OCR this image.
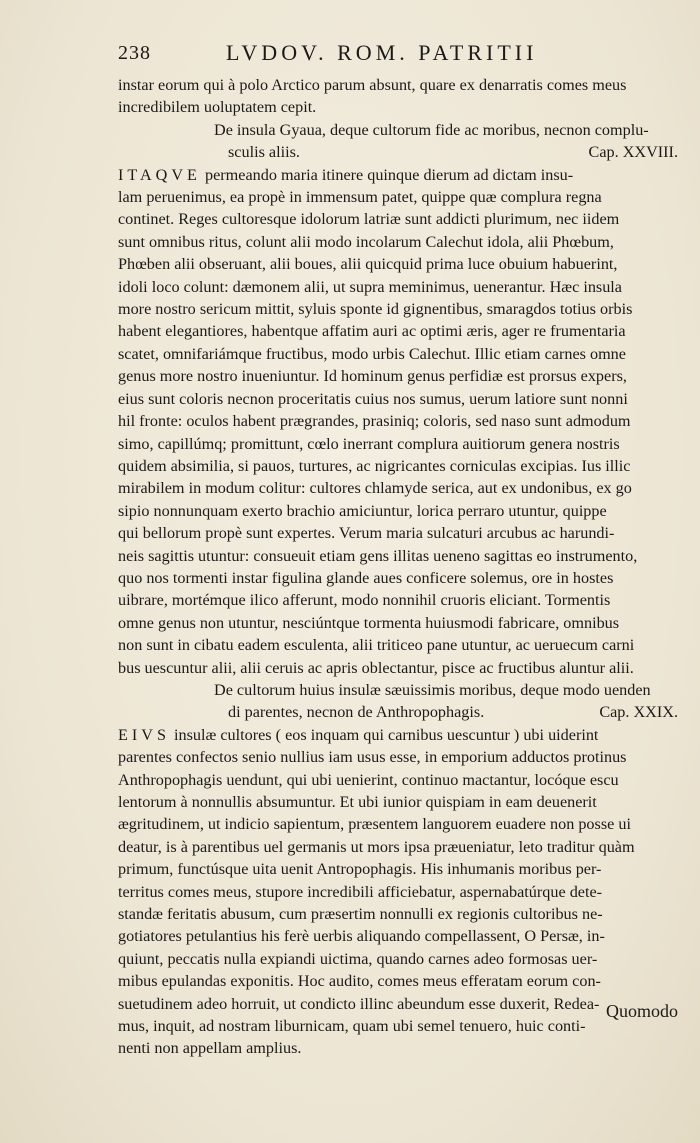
238	LVDOV. ROM. PATRITII
instar eorum qui à polo Arctico parum absunt, quare ex denarratis comes meus
incredibilem uoluptatem cepit.
De insula Gyaua, deque cultorum fide ac moribus, necnon complu-
sculis aliis.	Cap. XXVIII.
ITAQVE permeando maria itinere quinque dierum ad dictam insu-
lam peruenimus, ea propè in immensum patet, quippe quæ complura regna
continet. Reges cultoresque idolorum latriæ sunt addicti plurimum, nec iidem
sunt omnibus ritus, colunt alii modo incolarum Calechut idola, alii Phœbum,
Phœben alii obseruant, alii boues, alii quicquid prima luce obuium habuerint,
idoli loco colunt: dæmonem alii, ut supra meminimus, uenerantur. Hæc insula
more nostro sericum mittit, syluis sponte id gignentibus, smaragdos totius orbis
habent elegantiores, habentque affatim auri ac optimi æris, ager re frumentaria
scatet, omnifariámque fructibus, modo urbis Calechut. Illic etiam carnes omne
genus more nostro inueniuntur. Id hominum genus perfidiæ est prorsus expers,
eius sunt coloris necnon proceritatis cuius nos sumus, uerum latiore sunt nonni
hil fronte: oculos habent prægrandes, prasiniq; coloris, sed naso sunt admodum
simo, capillúmq; promittunt, cœlo inerrant complura auitiorum genera nostris
quidem absimilia, si pauos, turtures, ac nigricantes corniculas excipias. Ius illic
mirabilem in modum colitur: cultores chlamyde serica, aut ex undonibus, ex go
sipio nonnunquam exerto brachio amiciuntur, lorica perraro utuntur, quippe
qui bellorum propè sunt expertes. Verum maria sulcaturi arcubus ac harundi-
neis sagittis utuntur: consueuit etiam gens illitas ueneno sagittas eo instrumento,
quo nos tormenti instar figulina glande aues conficere solemus, ore in hostes
uibrare, mortémque ilico afferunt, modo nonnihil cruoris eliciant. Tormentis
omne genus non utuntur, nesciúntque tormenta huiusmodi fabricare, omnibus
non sunt in cibatu eadem esculenta, alii triticeo pane utuntur, ac ueruecum carni
bus uescuntur alii, alii ceruis ac apris oblectantur, pisce ac fructibus aluntur alii.
De cultorum huius insulæ sæuissimis moribus, deque modo uenden
di parentes, necnon de Anthropophagis.	Cap. XXIX.
EIVS insulæ cultores ( eos inquam qui carnibus uescuntur ) ubi uiderint
parentes confectos senio nullius iam usus esse, in emporium adductos protinus
Anthropophagis uendunt, qui ubi uenierint, continuo mactantur, locóque escu
lentorum à nonnullis absumuntur. Et ubi iunior quispiam in eam deuenerit
ægritudinem, ut indicio sapientum, præsentem languorem euadere non posse ui
deatur, is à parentibus uel germanis ut mors ipsa præueniatur, leto traditur quàm
primum, functúsque uita uenit Antropophagis. His inhumanis moribus per-
territus comes meus, stupore incredibili afficiebatur, aspernabatúrque dete-
standæ feritatis abusum, cum præsertim nonnulli ex regionis cultoribus ne-
gotiatores petulantius his ferè uerbis aliquando compellassent, O Persæ, in-
quiunt, peccatis nulla expiandi uictima, quando carnes adeo formosas uer-
mibus epulandas exponitis. Hoc audito, comes meus efferatam eorum con-
suetudinem adeo horruit, ut condicto illinc abeundum esse duxerit, Redea-
mus, inquit, ad nostram liburnicam, quam ubi semel tenuero, huic conti-
nenti non appellam amplius.
Quomodo
